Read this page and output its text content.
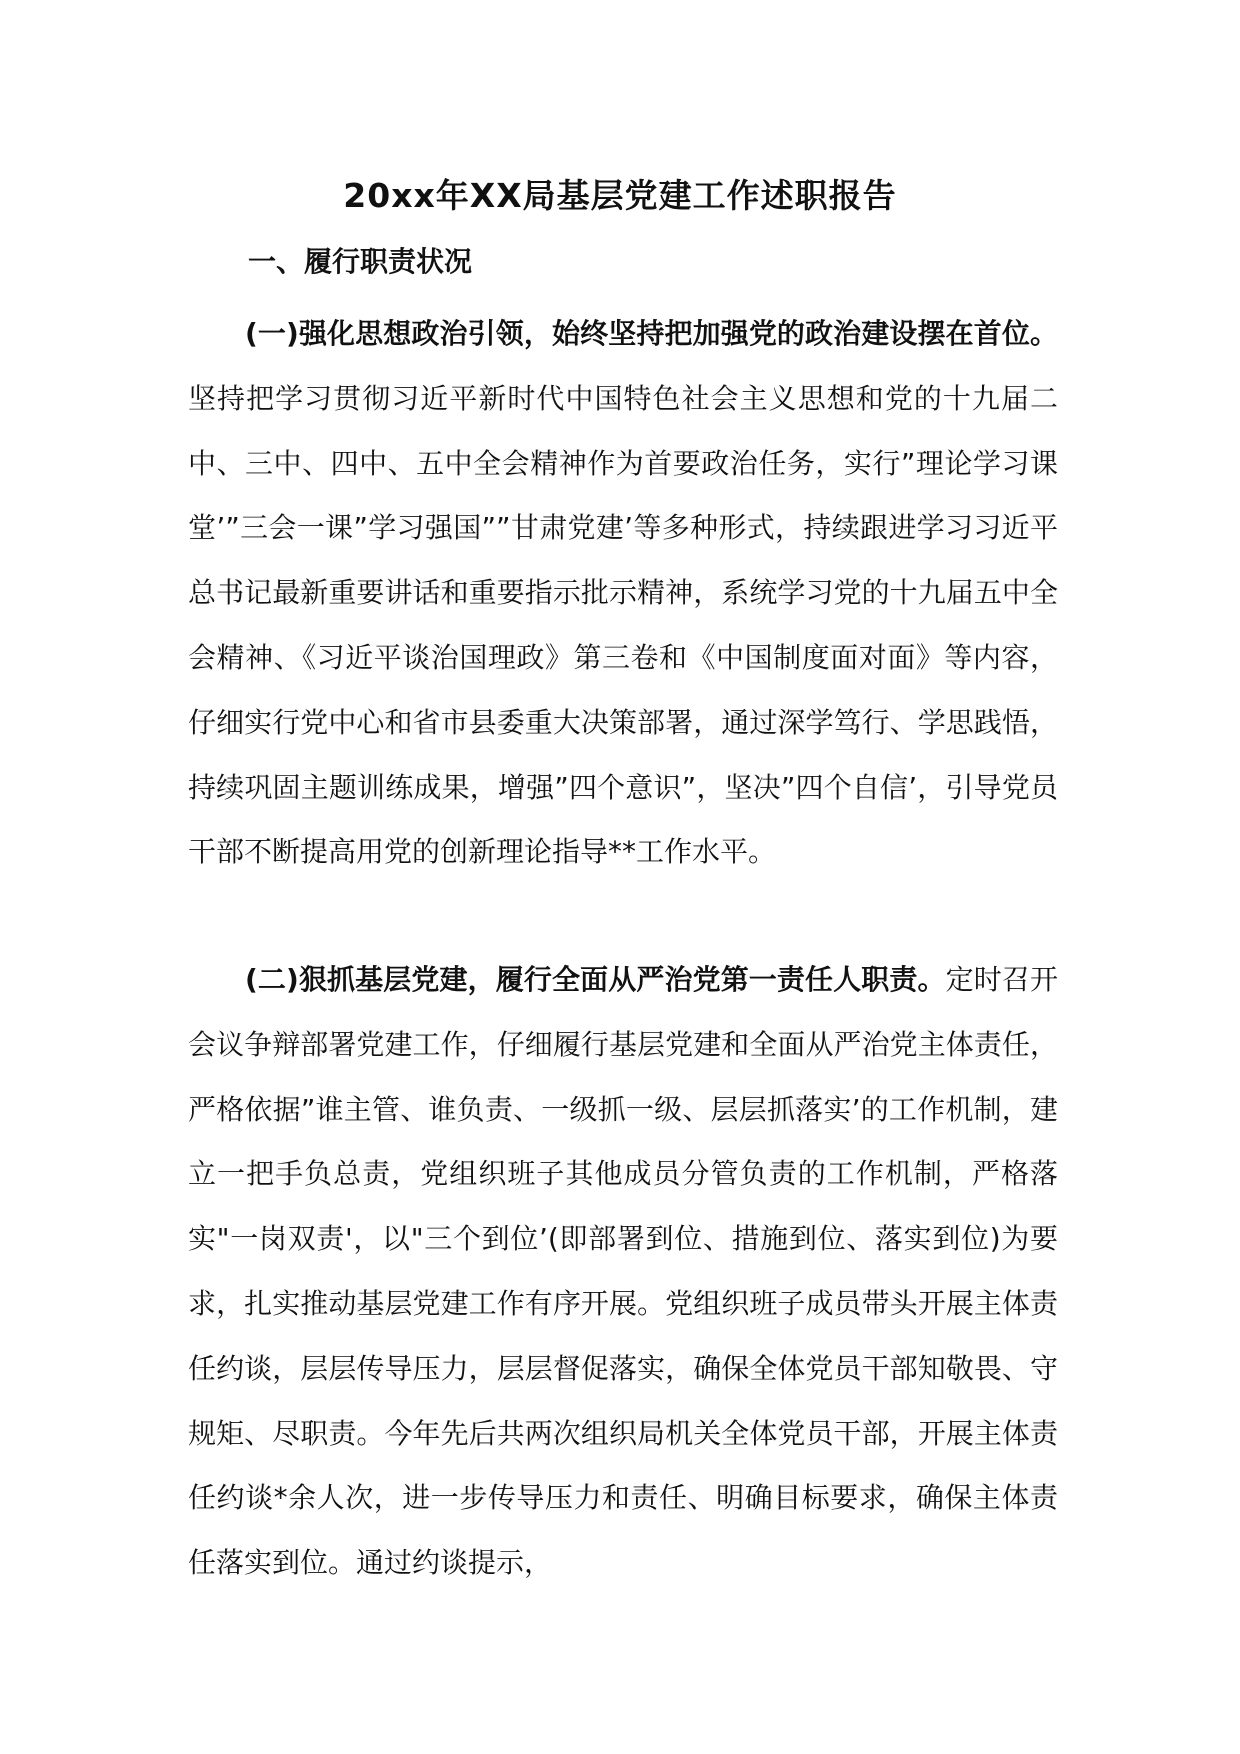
20xx年XX局基层党建工作述职报告
一、履行职责状况

(一)强化思想政治引领，始终坚持把加强党的政治建设摆在首位。坚持把学习贯彻习近平新时代中国特色社会主义思想和党的十九届二中、三中、四中、五中全会精神作为首要政治任务，实行”理论学习课堂’”三会一课”学习强国””甘肃党建’等多种形式，持续跟进学习习近平总书记最新重要讲话和重要指示批示精神，系统学习党的十九届五中全会精神、《习近平谈治国理政》第三卷和《中国制度面对面》等内容，仔细实行党中心和省市县委重大决策部署，通过深学笃行、学思践悟，持续巩固主题训练成果，增强”四个意识”，坚决”四个自信’，引导党员干部不断提高用党的创新理论指导**工作水平。

(二)狠抓基层党建，履行全面从严治党第一责任人职责。定时召开会议争辩部署党建工作，仔细履行基层党建和全面从严治党主体责任，严格依据”谁主管、谁负责、一级抓一级、层层抓落实’的工作机制，建立一把手负总责，党组织班子其他成员分管负责的工作机制，严格落实"一岗双责'，以"三个到位’(即部署到位、措施到位、落实到位)为要求，扎实推动基层党建工作有序开展。党组织班子成员带头开展主体责任约谈，层层传导压力，层层督促落实，确保全体党员干部知敬畏、守规矩、尽职责。今年先后共两次组织局机关全体党员干部，开展主体责任约谈*余人次，进一步传导压力和责任、明确目标要求，确保主体责任落实到位。通过约谈提示，
